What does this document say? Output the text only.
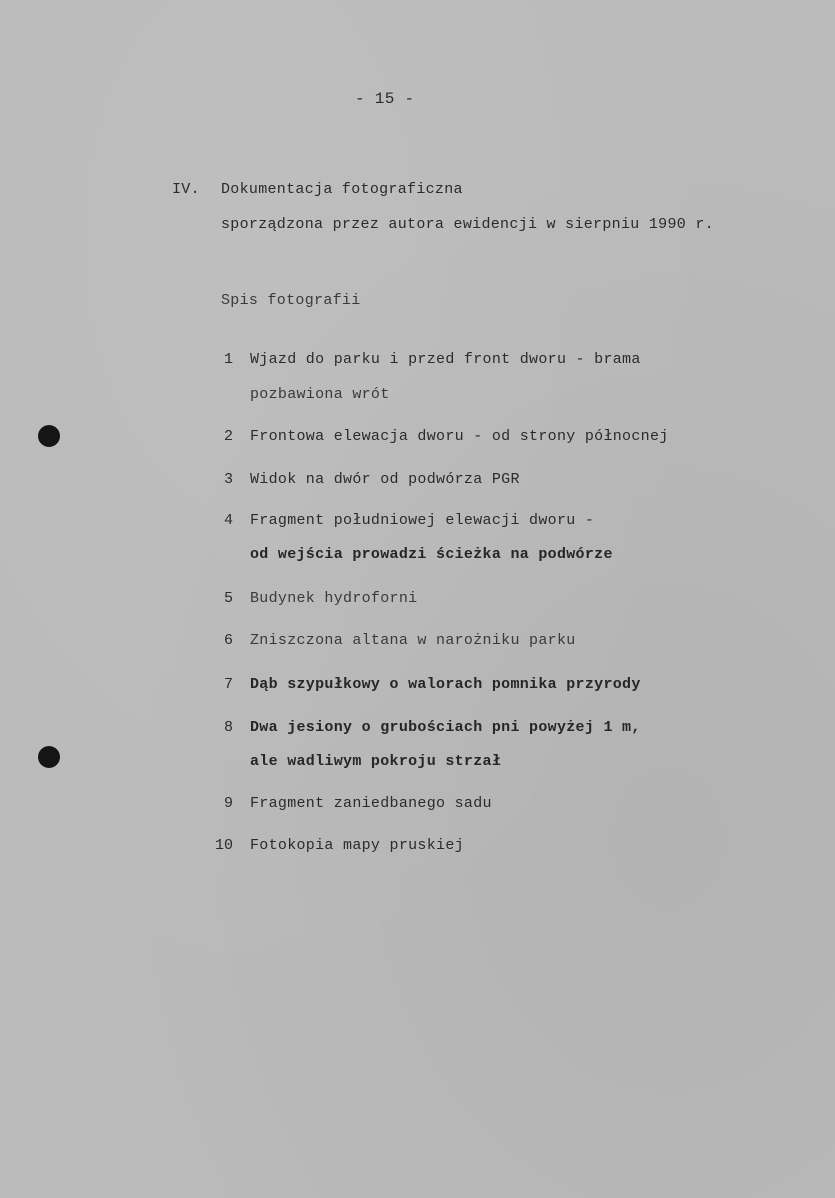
- 15 -
IV. Dokumentacja fotograficzna
sporządzona przez autora ewidencji w sierpniu 1990 r.
Spis fotografii
1 Wjazd do parku i przed front dworu - brama
pozbawiona wrót
2 Frontowa elewacja dworu - od strony północnej
3 Widok na dwór od podwórza PGR
4 Fragment południowej elewacji dworu -
od wejścia prowadzi ścieżka na podwórze
5 Budynek hydroforni
6 Zniszczona altana w narożniku parku
7 Dąb szypułkowy o walorach pomnika przyrody
8 Dwa jesiony o grubościach pni powyżej 1 m,
ale wadliwym pokroju strzał
9 Fragment zaniedbanego sadu
10 Fotokopia mapy pruskiej
